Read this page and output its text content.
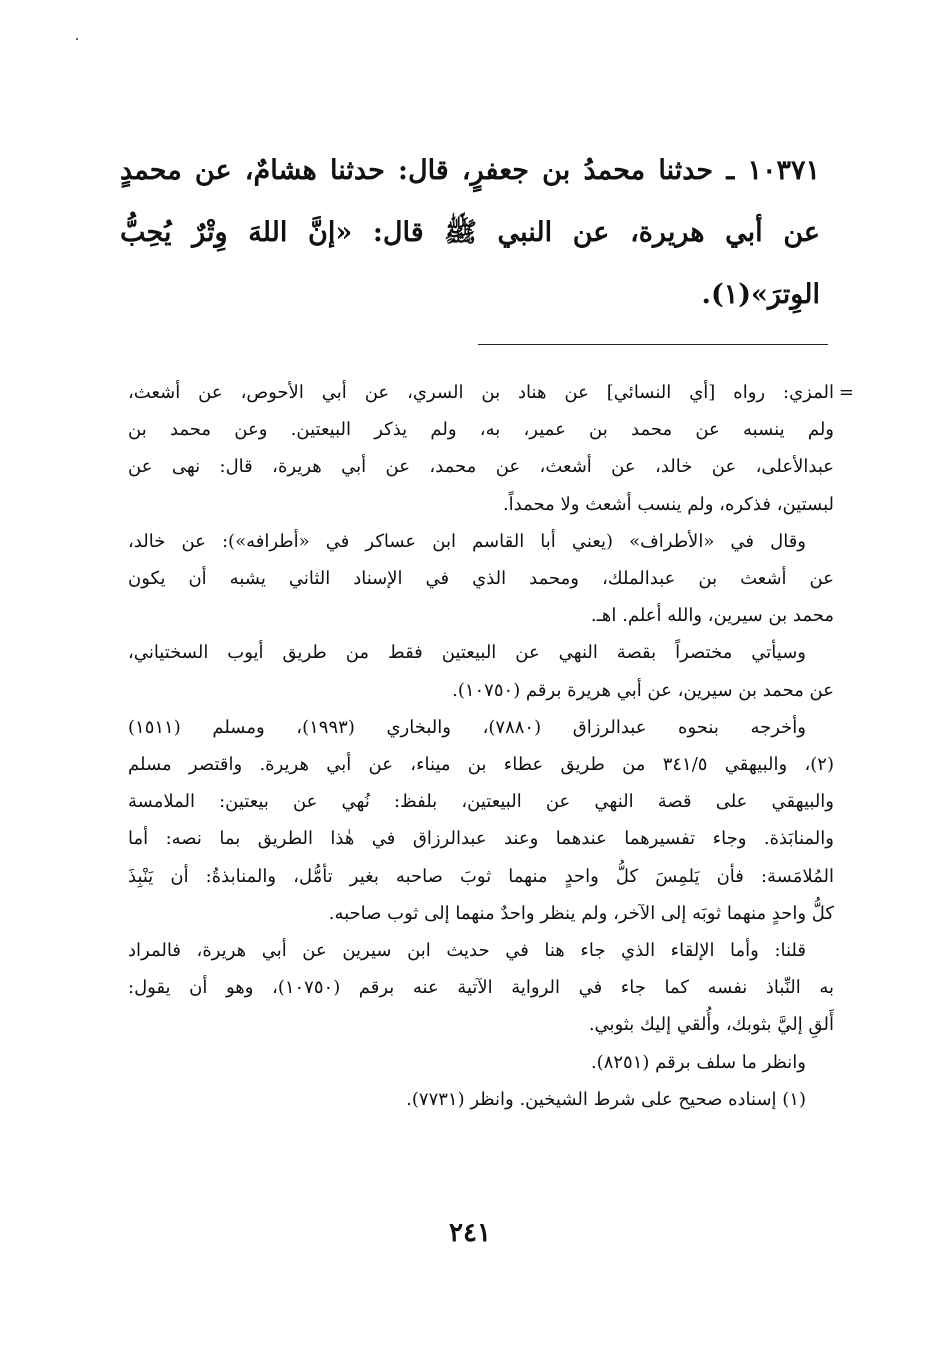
١٠٣٧١ ـ حدثنا محمدُ بن جعفرٍ، قال: حدثنا هشامٌ، عن محمدٍ
عن أبي هريرة، عن النبي ﷺ قال: «إنَّ اللهَ وِتْرٌ يُحِبُّ
الوِترَ»(١).
=
المزي: رواه [أي النسائي] عن هناد بن السري، عن أبي الأحوص، عن أشعث،
ولم ينسبه عن محمد بن عمير، به، ولم يذكر البيعتين. وعن محمد بن
عبدالأعلى، عن خالد، عن أشعث، عن محمد، عن أبي هريرة، قال: نهى عن
لبستين، فذكره، ولم ينسب أشعث ولا محمداً.
وقال في «الأطراف» (يعني أبا القاسم ابن عساكر في «أطرافه»): عن خالد،
عن أشعث بن عبدالملك، ومحمد الذي في الإسناد الثاني يشبه أن يكون
محمد بن سيرين، والله أعلم. اهـ.
وسيأتي مختصراً بقصة النهي عن البيعتين فقط من طريق أيوب السختياني،
عن محمد بن سيرين، عن أبي هريرة برقم (١٠٧٥٠).
وأخرجه بنحوه عبدالرزاق (٧٨٨٠)، والبخاري (١٩٩٣)، ومسلم (١٥١١)
(٢)، والبيهقي ٣٤١/٥ من طريق عطاء بن ميناء، عن أبي هريرة. واقتصر مسلم
والبيهقي على قصة النهي عن البيعتين، بلفظ: نُهي عن بيعتين: الملامسة
والمنابَذة. وجاء تفسيرهما عندهما وعند عبدالرزاق في هٰذا الطريق بما نصه: أما
المُلامَسة: فأن يَلمِسَ كلُّ واحدٍ منهما ثوبَ صاحبه بغير تأمُّل، والمنابذةُ: أن يَنْبِذَ
كلُّ واحدٍ منهما ثوبَه إلى الآخر، ولم ينظر واحدٌ منهما إلى ثوب صاحبه.
قلنا: وأما الإلقاء الذي جاء هنا في حديث ابن سيرين عن أبي هريرة، فالمراد
به النِّباذ نفسه كما جاء في الرواية الآتية عنه برقم (١٠٧٥٠)، وهو أن يقول:
أَلقِ إليَّ بثوبك، وأُلقي إليك بثوبي.
وانظر ما سلف برقم (٨٢٥١).
(١) إسناده صحيح على شرط الشيخين. وانظر (٧٧٣١).
٢٤١
